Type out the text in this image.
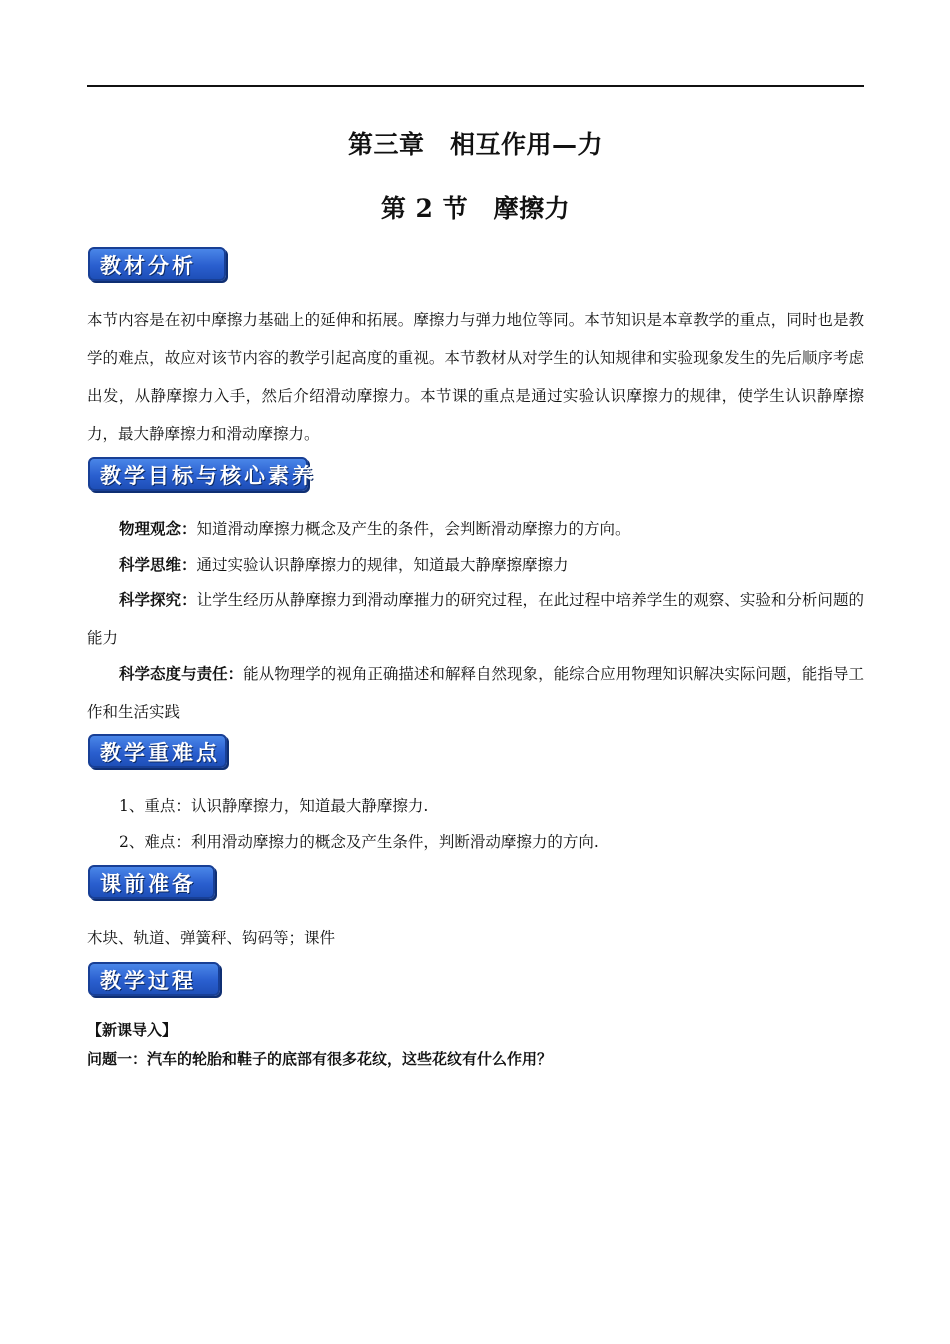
第三章　相互作用—力
第 2 节　摩擦力
教材分析
本节内容是在初中摩擦力基础上的延伸和拓展。摩擦力与弹力地位等同。本节知识是本章教学的重点，同时也是教学的难点，故应对该节内容的教学引起高度的重视。本节教材从对学生的认知规律和实验现象发生的先后顺序考虑出发，从静摩擦力入手，然后介绍滑动摩擦力。本节课的重点是通过实验认识摩擦力的规律，使学生认识静摩擦力，最大静摩擦力和滑动摩擦力。
教学目标与核心素养
物理观念：知道滑动摩擦力概念及产生的条件，会判断滑动摩擦力的方向。
科学思维：通过实验认识静摩擦力的规律，知道最大静摩擦摩擦力
科学探究：让学生经历从静摩擦力到滑动摩摧力的研究过程，在此过程中培养学生的观察、实验和分析问题的能力
科学态度与责任：能从物理学的视角正确描述和解释自然现象，能综合应用物理知识解决实际问题，能指导工作和生活实践
教学重难点
1、重点：认识静摩擦力，知道最大静摩擦力.
2、难点：利用滑动摩擦力的概念及产生条件，判断滑动摩擦力的方向.
课前准备
木块、轨道、弹簧秤、钩码等；课件
教学过程
【新课导入】
问题一：汽车的轮胎和鞋子的底部有很多花纹，这些花纹有什么作用？
